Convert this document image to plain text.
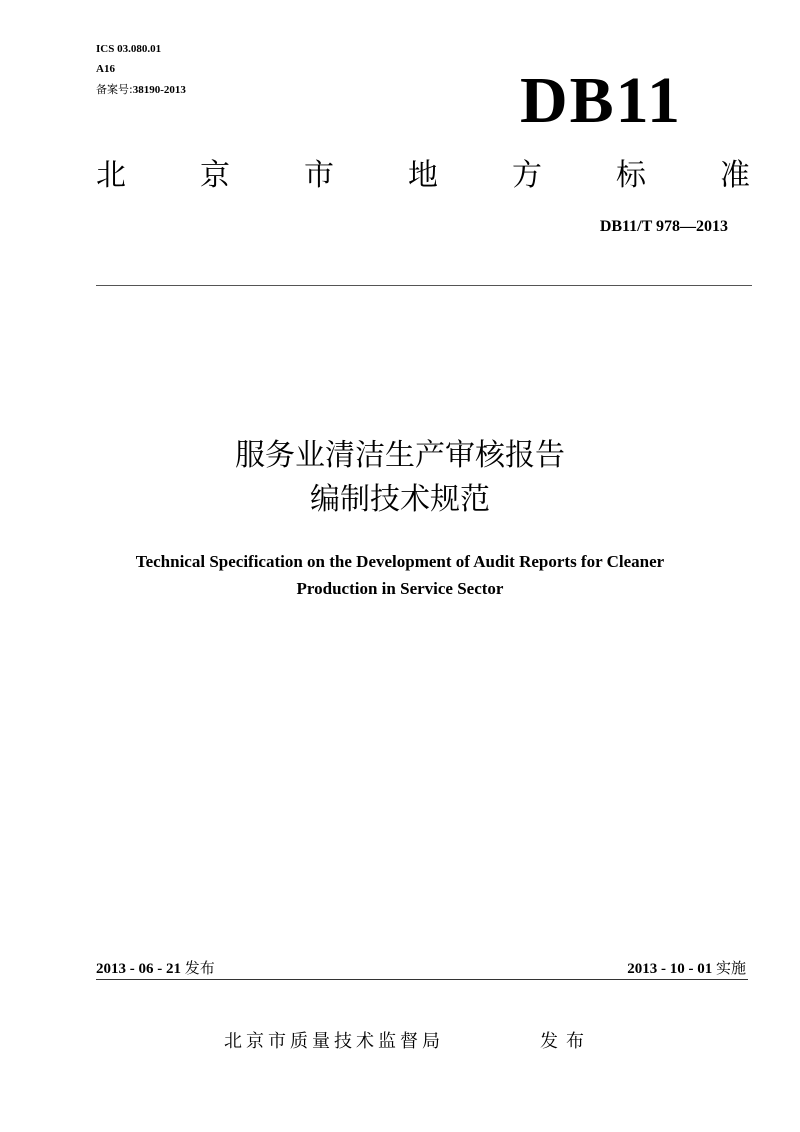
ICS 03.080.01
A16
备案号:38190-2013	DB11
北 京 市 地 方 标 准
DB11/T 978—2013
服务业清洁生产审核报告
编制技术规范
Technical Specification on the Development of Audit Reports for Cleaner
Production in Service Sector
2013 - 06 - 21 发布	2013 - 10 - 01 实施
北京市质量技术监督局	发布
